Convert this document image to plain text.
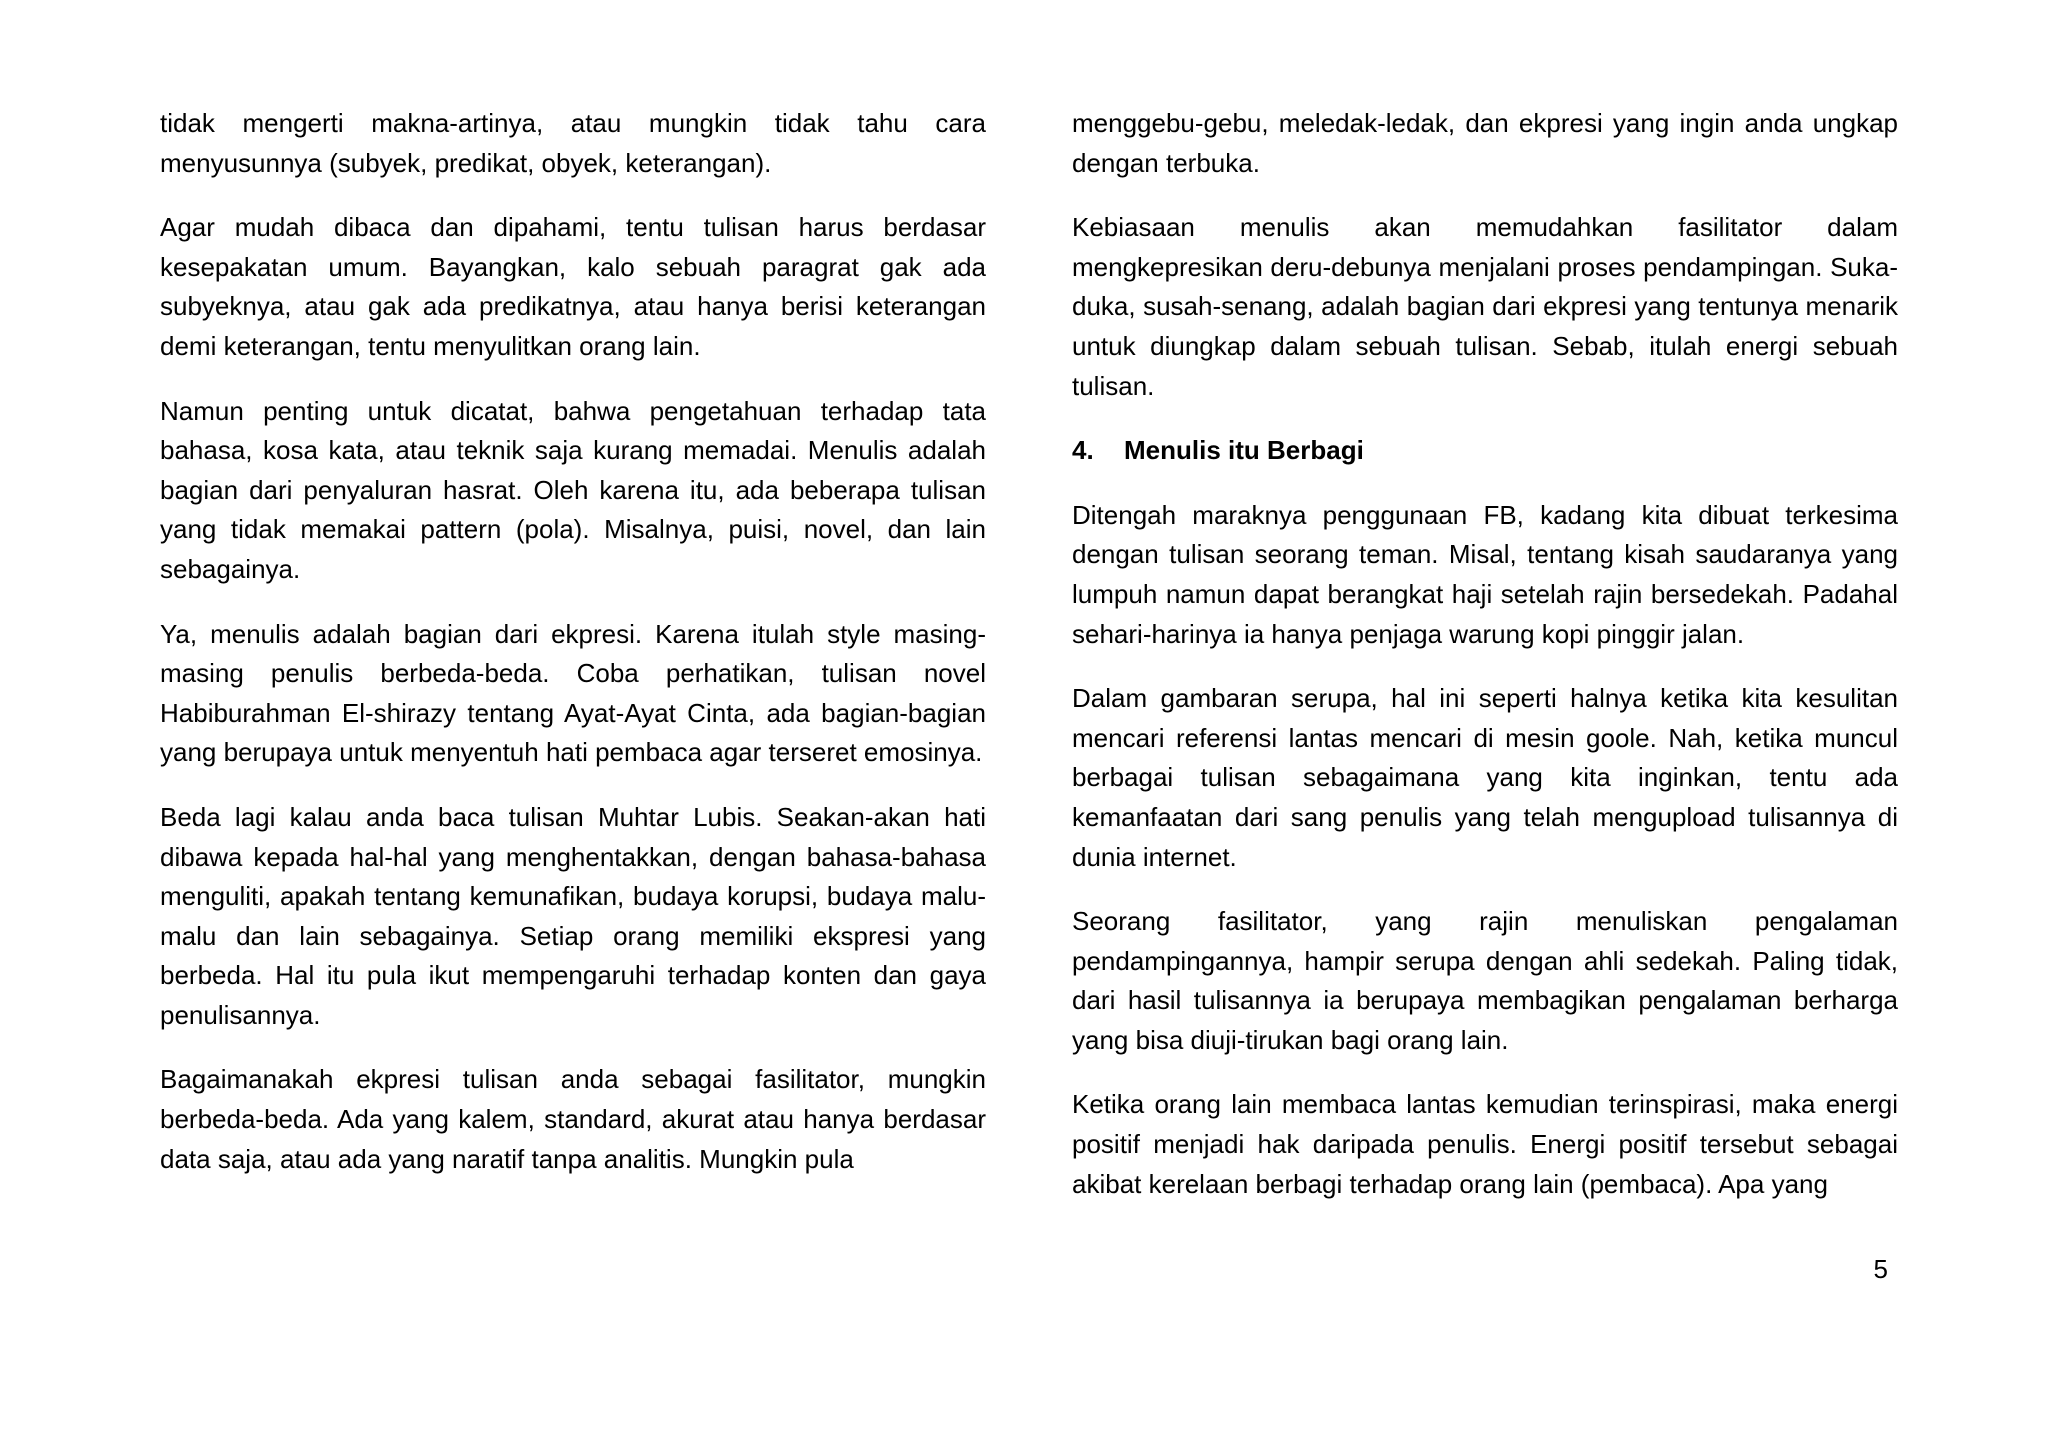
tidak mengerti makna-artinya, atau mungkin tidak tahu cara menyusunnya (subyek, predikat, obyek, keterangan).

Agar mudah dibaca dan dipahami, tentu tulisan harus berdasar kesepakatan umum. Bayangkan, kalo sebuah paragrat gak ada subyeknya, atau gak ada predikatnya, atau hanya berisi keterangan demi keterangan, tentu menyulitkan orang lain.

Namun penting untuk dicatat, bahwa pengetahuan terhadap tata bahasa, kosa kata, atau teknik saja kurang memadai. Menulis adalah bagian dari penyaluran hasrat. Oleh karena itu, ada beberapa tulisan yang tidak memakai pattern (pola). Misalnya, puisi, novel, dan lain sebagainya.

Ya, menulis adalah bagian dari ekpresi. Karena itulah style masing-masing penulis berbeda-beda. Coba perhatikan, tulisan novel Habiburahman El-shirazy tentang Ayat-Ayat Cinta, ada bagian-bagian yang berupaya untuk menyentuh hati pembaca agar terseret emosinya.

Beda lagi kalau anda baca tulisan Muhtar Lubis. Seakan-akan hati dibawa kepada hal-hal yang menghentakkan, dengan bahasa-bahasa menguliti, apakah tentang kemunafikan, budaya korupsi, budaya malu-malu dan lain sebagainya. Setiap orang memiliki ekspresi yang berbeda. Hal itu pula ikut mempengaruhi terhadap konten dan gaya penulisannya.

Bagaimanakah ekpresi tulisan anda sebagai fasilitator, mungkin berbeda-beda. Ada yang kalem, standard, akurat atau hanya berdasar data saja, atau ada yang naratif tanpa analitis. Mungkin pula

menggebu-gebu, meledak-ledak, dan ekpresi yang ingin anda ungkap dengan terbuka.

Kebiasaan menulis akan memudahkan fasilitator dalam mengkepresikan deru-debunya menjalani proses pendampingan. Suka-duka, susah-senang, adalah bagian dari ekpresi yang tentunya menarik untuk diungkap dalam sebuah tulisan. Sebab, itulah energi sebuah tulisan.

4.	Menulis itu Berbagi

Ditengah maraknya penggunaan FB, kadang kita dibuat terkesima dengan tulisan seorang teman. Misal, tentang kisah saudaranya yang lumpuh namun dapat berangkat haji setelah rajin bersedekah. Padahal sehari-harinya ia hanya penjaga warung kopi pinggir jalan.

Dalam gambaran serupa, hal ini seperti halnya ketika kita kesulitan mencari referensi lantas mencari di mesin goole. Nah, ketika muncul berbagai tulisan sebagaimana yang kita inginkan, tentu ada kemanfaatan dari sang penulis yang telah mengupload tulisannya di dunia internet.

Seorang fasilitator, yang rajin menuliskan pengalaman pendampingannya, hampir serupa dengan ahli sedekah. Paling tidak, dari hasil tulisannya ia berupaya membagikan pengalaman berharga yang bisa diuji-tirukan bagi orang lain.

Ketika orang lain membaca lantas kemudian terinspirasi, maka energi positif menjadi hak daripada penulis. Energi positif tersebut sebagai akibat kerelaan berbagi terhadap orang lain (pembaca). Apa yang

5
